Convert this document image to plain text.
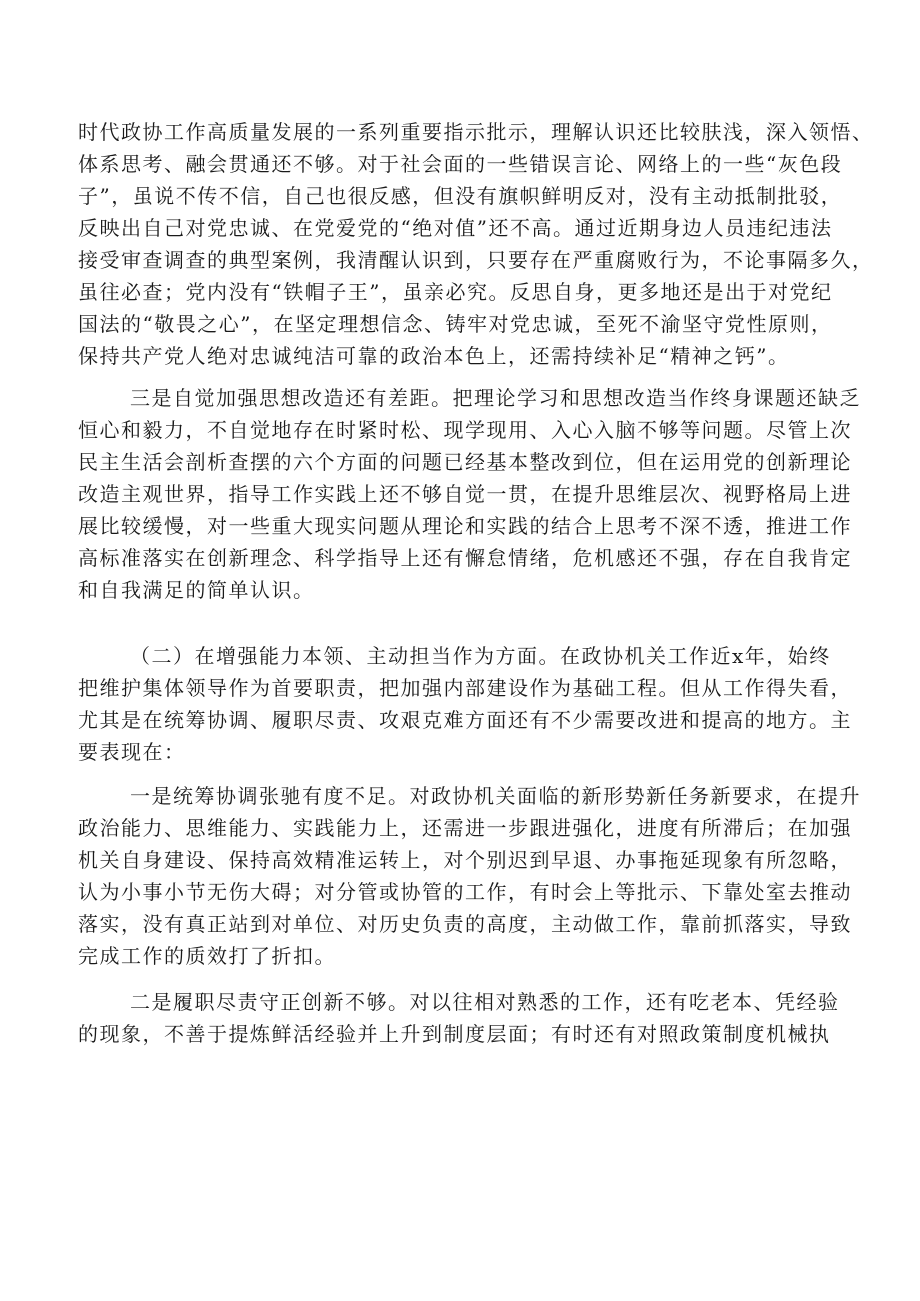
时代政协工作高质量发展的一系列重要指示批示，理解认识还比较肤浅，深入领悟、
体系思考、融会贯通还不够。对于社会面的一些错误言论、网络上的一些“灰色段
子”，虽说不传不信，自己也很反感，但没有旗帜鲜明反对，没有主动抵制批驳，
反映出自己对党忠诚、在党爱党的“绝对值”还不高。通过近期身边人员违纪违法
接受审查调查的典型案例，我清醒认识到，只要存在严重腐败行为，不论事隔多久，
虽往必查；党内没有“铁帽子王”，虽亲必究。反思自身，更多地还是出于对党纪
国法的“敬畏之心”，在坚定理想信念、铸牢对党忠诚，至死不渝坚守党性原则，
保持共产党人绝对忠诚纯洁可靠的政治本色上，还需持续补足“精神之钙”。
三是自觉加强思想改造还有差距。把理论学习和思想改造当作终身课题还缺乏
恒心和毅力，不自觉地存在时紧时松、现学现用、入心入脑不够等问题。尽管上次
民主生活会剖析查摆的六个方面的问题已经基本整改到位，但在运用党的创新理论
改造主观世界，指导工作实践上还不够自觉一贯，在提升思维层次、视野格局上进
展比较缓慢，对一些重大现实问题从理论和实践的结合上思考不深不透，推进工作
高标准落实在创新理念、科学指导上还有懈怠情绪，危机感还不强，存在自我肯定
和自我满足的简单认识。
（二）在增强能力本领、主动担当作为方面。在政协机关工作近x年，始终
把维护集体领导作为首要职责，把加强内部建设作为基础工程。但从工作得失看，
尤其是在统筹协调、履职尽责、攻艰克难方面还有不少需要改进和提高的地方。主
要表现在：
一是统筹协调张驰有度不足。对政协机关面临的新形势新任务新要求，在提升
政治能力、思维能力、实践能力上，还需进一步跟进强化，进度有所滞后；在加强
机关自身建设、保持高效精准运转上，对个别迟到早退、办事拖延现象有所忽略，
认为小事小节无伤大碍；对分管或协管的工作，有时会上等批示、下靠处室去推动
落实，没有真正站到对单位、对历史负责的高度，主动做工作，靠前抓落实，导致
完成工作的质效打了折扣。
二是履职尽责守正创新不够。对以往相对熟悉的工作，还有吃老本、凭经验
的现象，不善于提炼鲜活经验并上升到制度层面；有时还有对照政策制度机械执
